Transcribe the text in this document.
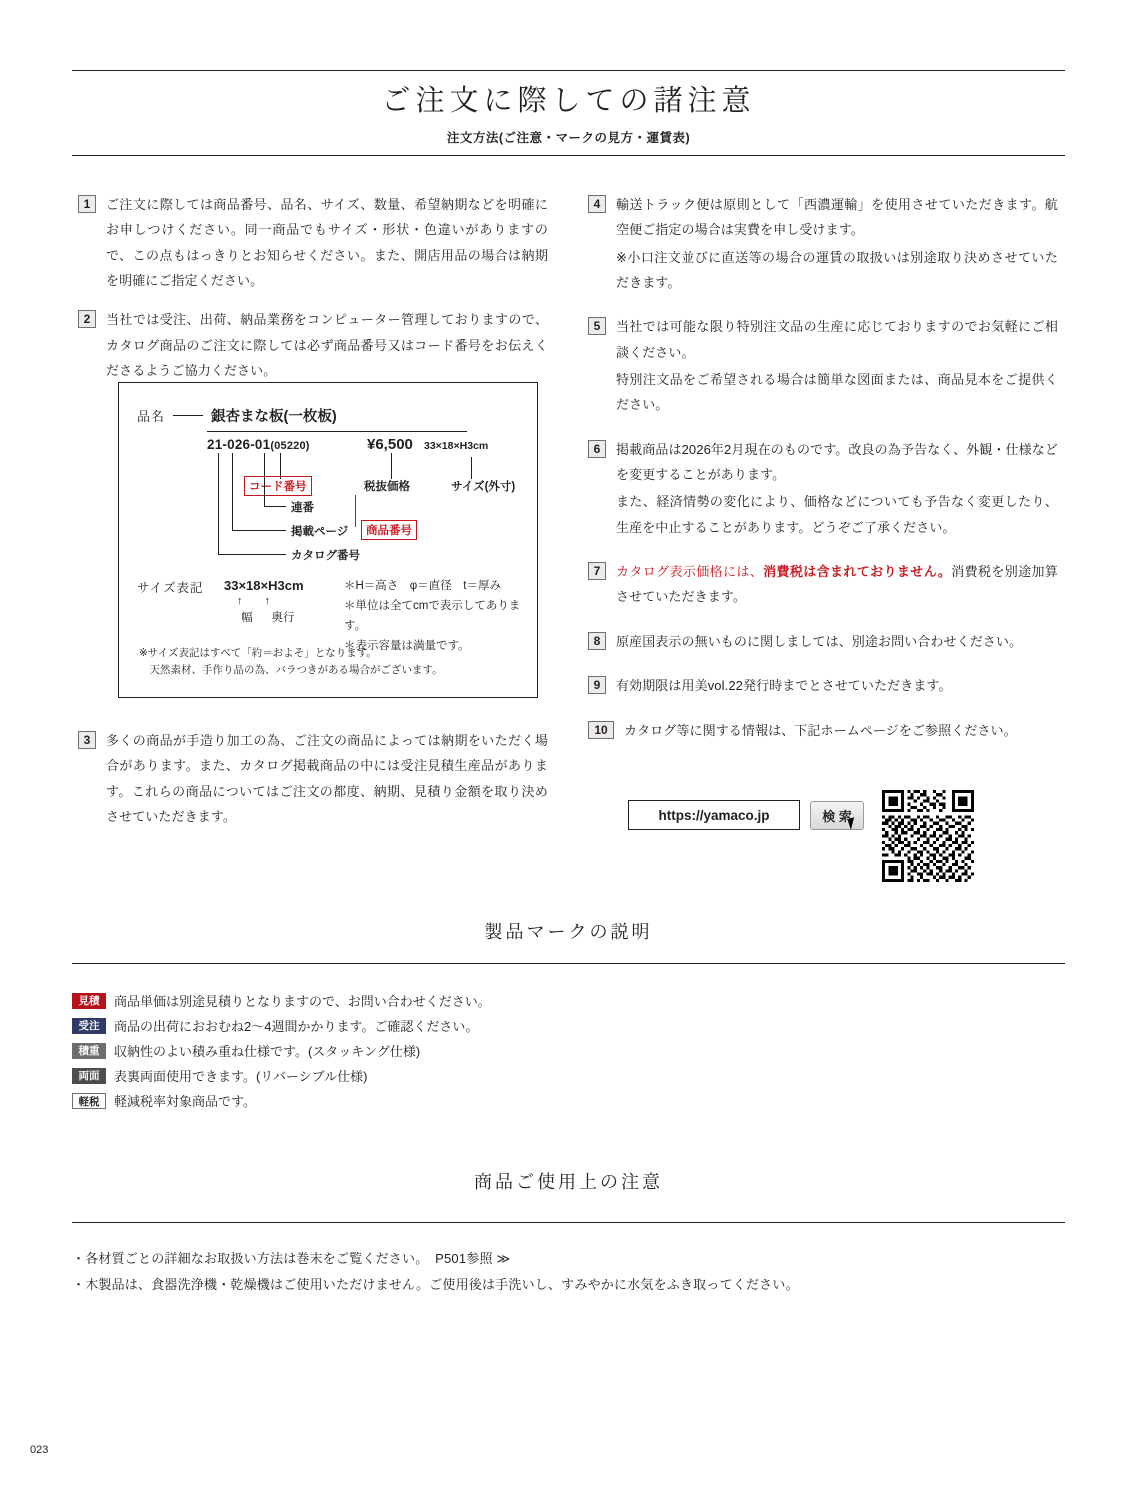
ご注文に際しての諸注意
注文方法(ご注意・マークの見方・運賃表)
1	ご注文に際しては商品番号、品名、サイズ、数量、希望納期などを明確にお申しつけください。同一商品でもサイズ・形状・色違いがありますので、この点もはっきりとお知らせください。また、開店用品の場合は納期を明確にご指定ください。

2	当社では受注、出荷、納品業務をコンピューター管理しておりますので、カタログ商品のご注文に際しては必ず商品番号又はコード番号をお伝えくださるようご協力ください。

品名	銀杏まな板(一枚板)
21-026-01(05220)	¥6,500 33×18×H3cm
コード番号	税抜価格	サイズ(外寸)
連番
掲載ページ
カタログ番号
商品番号
サイズ表記 33×18×H3cm
↑↑
幅 奥行
＊H＝高さ　φ＝直径　t＝厚み
＊単位は全てcmで表示してあります。
＊表示容量は満量です。
※サイズ表記はすべて「約＝およそ」となります。
　天然素材、手作り品の為、バラつきがある場合がございます。
3	多くの商品が手造り加工の為、ご注文の商品によっては納期をいただく場合があります。また、カタログ掲載商品の中には受注見積生産品があります。これらの商品についてはご注文の都度、納期、見積り金額を取り決めさせていただきます。

4	輸送トラック便は原則として「西濃運輸」を使用させていただきます。航空便ご指定の場合は実費を申し受けます。

※小口注文並びに直送等の場合の運賃の取扱いは別途取り決めさせていただきます。

5	当社では可能な限り特別注文品の生産に応じておりますのでお気軽にご相談ください。

特別注文品をご希望される場合は簡単な図面または、商品見本をご提供ください。

6	掲載商品は2026年2月現在のものです。改良の為予告なく、外観・仕様などを変更することがあります。

また、経済情勢の変化により、価格などについても予告なく変更したり、生産を中止することがあります。どうぞご了承ください。

7	カタログ表示価格には、消費税は含まれておりません。消費税を別途加算させていただきます。

8	原産国表示の無いものに関しましては、別途お問い合わせください。

9	有効期限は用美vol.22発行時までとさせていただきます。

10	カタログ等に関する情報は、下記ホームページをご参照ください。

https://yamaco.jp	検 索
製品マークの説明
見積	商品単価は別途見積りとなりますので、お問い合わせください。
受注	商品の出荷におおむね2〜4週間かかります。ご確認ください。
積重	収納性のよい積み重ね仕様です。(スタッキング仕様)
両面	表裏両面使用できます。(リバーシブル仕様)
軽税	軽減税率対象商品です。
商品ご使用上の注意
・各材質ごとの詳細なお取扱い方法は巻末をご覧ください。　P501参照 ≫
・木製品は、食器洗浄機・乾燥機はご使用いただけません。ご使用後は手洗いし、すみやかに水気をふき取ってください。
023
